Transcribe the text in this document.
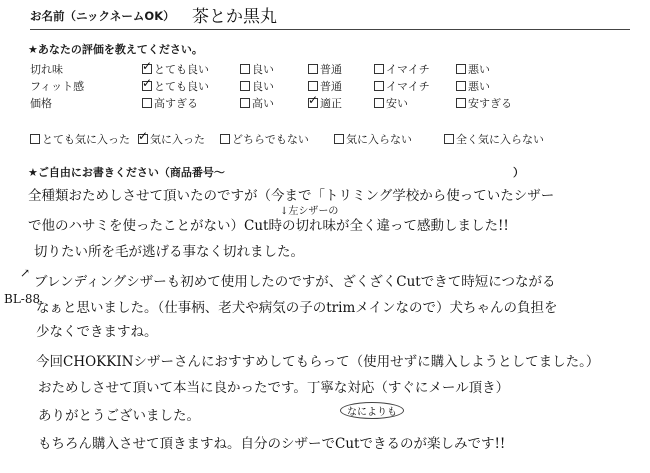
お名前（ニックネームOK） 茶とか黒丸
★あなたの評価を教えてください。
切れ味 ✓	とても良い	良い	普通	イマイチ	悪い
フィット感 ✓	とても良い	良い	普通	イマイチ	悪い
価格	高すぎる	高い ✓	適正	安い	安すぎる
とても気に入った ✓	気に入った	どちらでもない	気に入らない	全く気に入らない
★ご自由にお書きください（商品番号～	）
BL-88
↗
全種類おためしさせて頂いたのですが（今まで「トリミング学校から使っていたシザー
↓左シザーの
で他のハサミを使ったことがない）Cut時の切れ味が全く違って感動しました!!
切りたい所を毛が逃げる事なく切れました。
ブレンディングシザーも初めて使用したのですが、ざくざくCutできて時短につながる
なぁと思いました。（仕事柄、老犬や病気の子のtrimメインなので）犬ちゃんの負担を
少なくできますね。
今回CHOKKINシザーさんにおすすめしてもらって（使用せずに購入しようとしてました。）
おためしさせて頂いて本当に良かったです。丁寧な対応（すぐにメール頂き）
なによりも
ありがとうございました。
もちろん購入させて頂きますね。自分のシザーでCutできるのが楽しみです!!
